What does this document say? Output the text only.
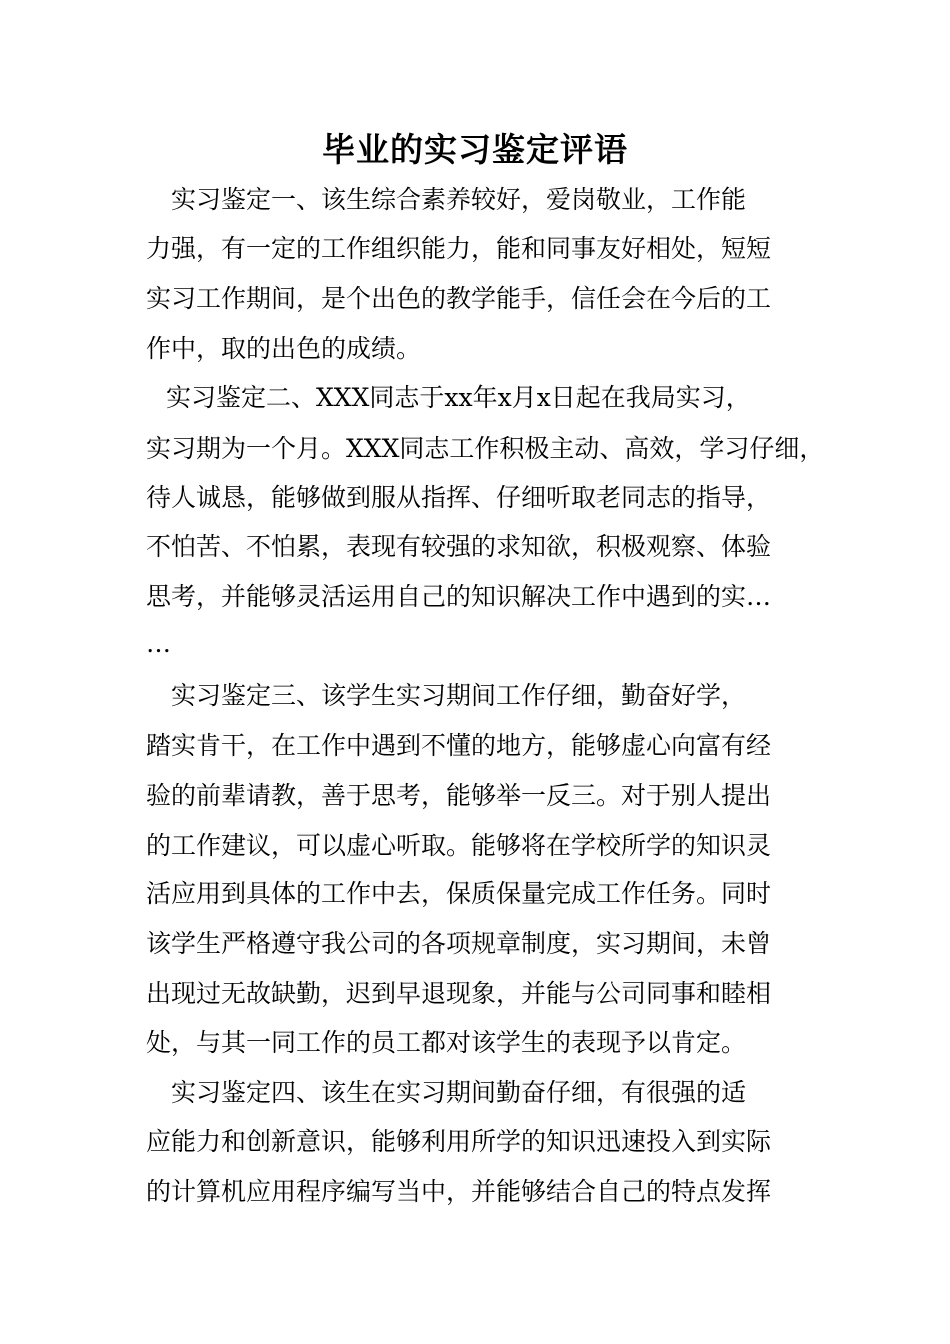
毕业的实习鉴定评语

　实习鉴定一、该生综合素养较好，爱岗敬业，工作能

力强，有一定的工作组织能力，能和同事友好相处，短短

实习工作期间，是个出色的教学能手，信任会在今后的工

作中，取的出色的成绩。

　实习鉴定二、XXX同志于xx年x月x日起在我局实习，

实习期为一个月。XXX同志工作积极主动、高效，学习仔细，

待人诚恳，能够做到服从指挥、仔细听取老同志的指导，

不怕苦、不怕累，表现有较强的求知欲，积极观察、体验

思考，并能够灵活运用自己的知识解决工作中遇到的实…

…

　实习鉴定三、该学生实习期间工作仔细，勤奋好学，

踏实肯干，在工作中遇到不懂的地方，能够虚心向富有经

验的前辈请教，善于思考，能够举一反三。对于别人提出

的工作建议，可以虚心听取。能够将在学校所学的知识灵

活应用到具体的工作中去，保质保量完成工作任务。同时

该学生严格遵守我公司的各项规章制度，实习期间，未曾

出现过无故缺勤，迟到早退现象，并能与公司同事和睦相

处，与其一同工作的员工都对该学生的表现予以肯定。

　实习鉴定四、该生在实习期间勤奋仔细，有很强的适

应能力和创新意识，能够利用所学的知识迅速投入到实际

的计算机应用程序编写当中，并能够结合自己的特点发挥
